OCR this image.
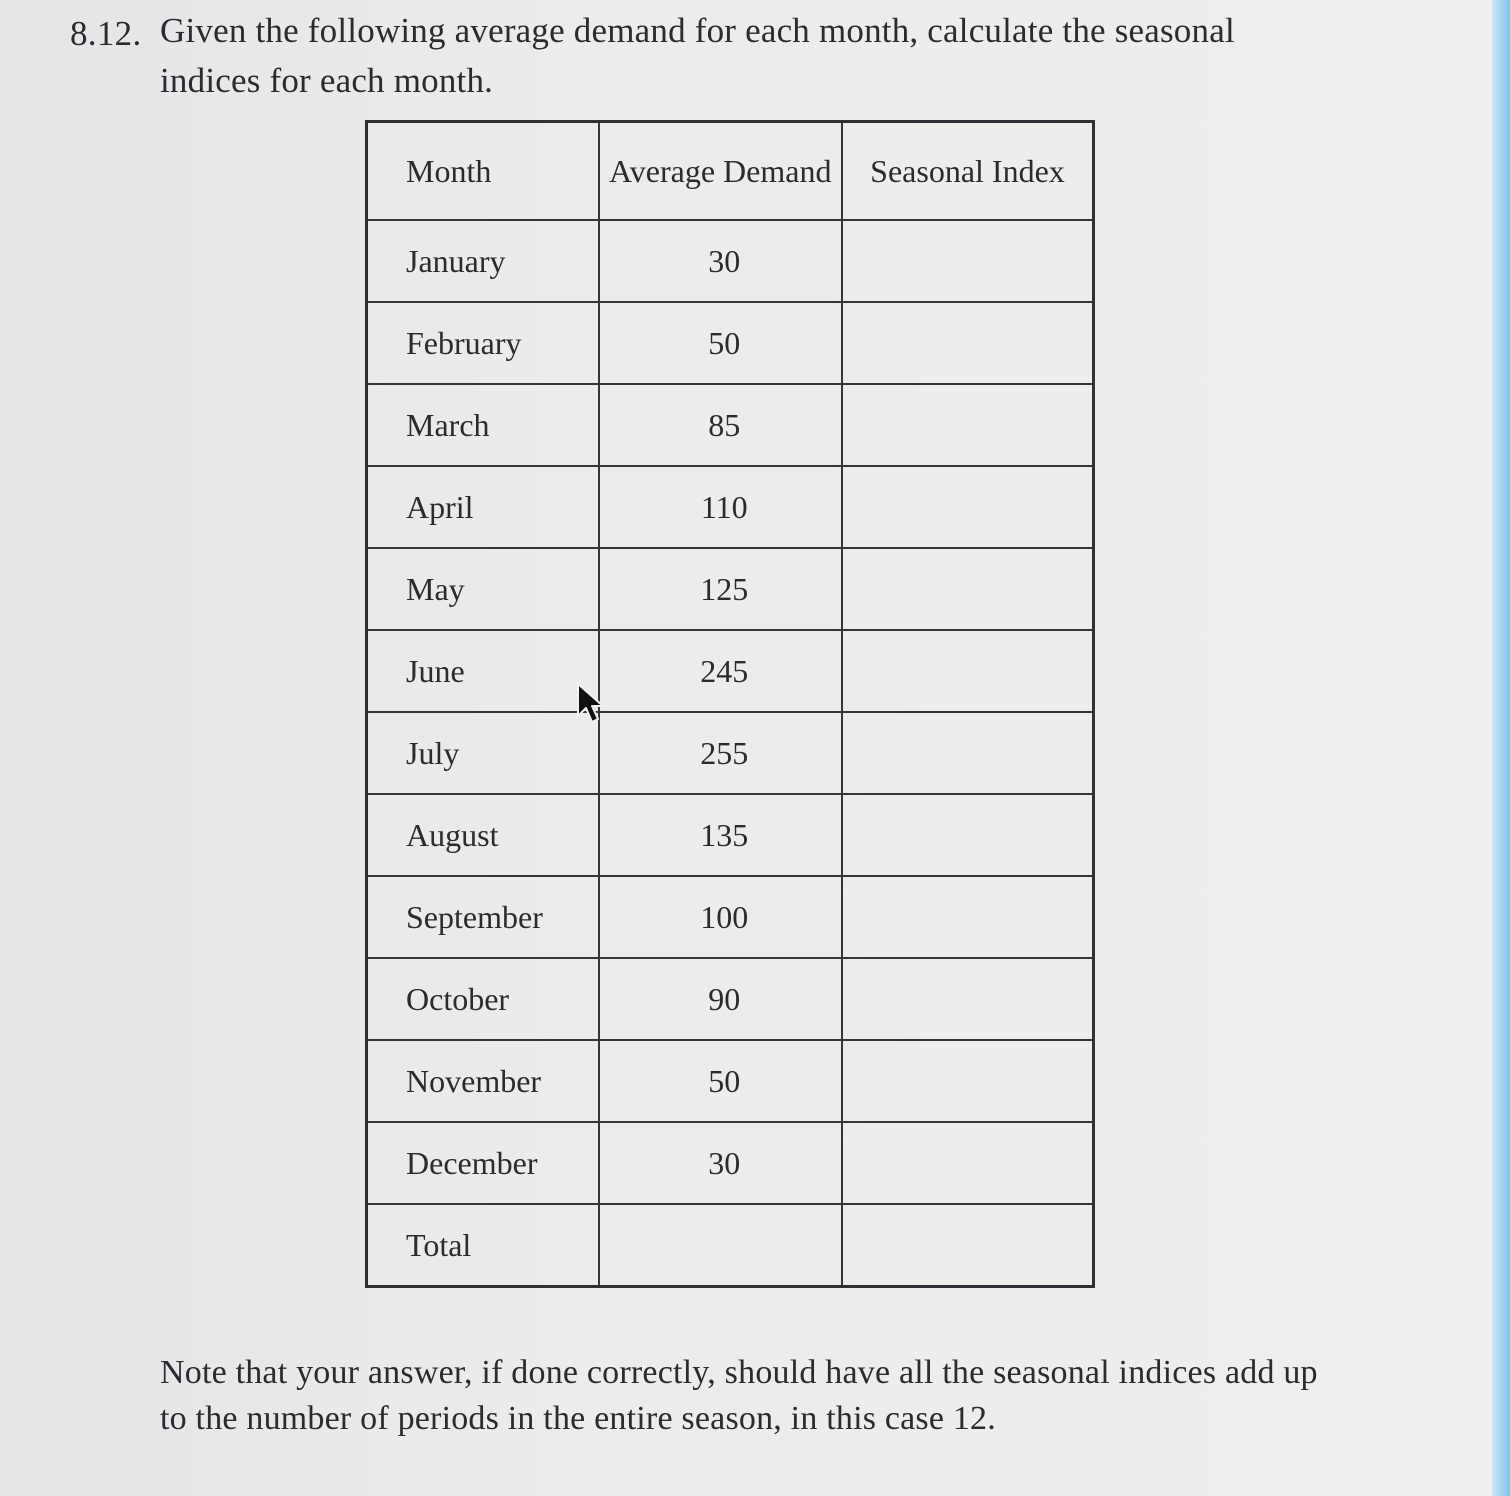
8.12. Given the following average demand for each month, calculate the seasonal indices for each month.
Month	Average Demand	Seasonal Index
January	30	
February	50	
March	85	
April	110	
May	125	
June	245	
July	255	
August	135	
September	100	
October	90	
November	50	
December	30	
Total		
Note that your answer, if done correctly, should have all the seasonal indices add up to the number of periods in the entire season, in this case 12.
